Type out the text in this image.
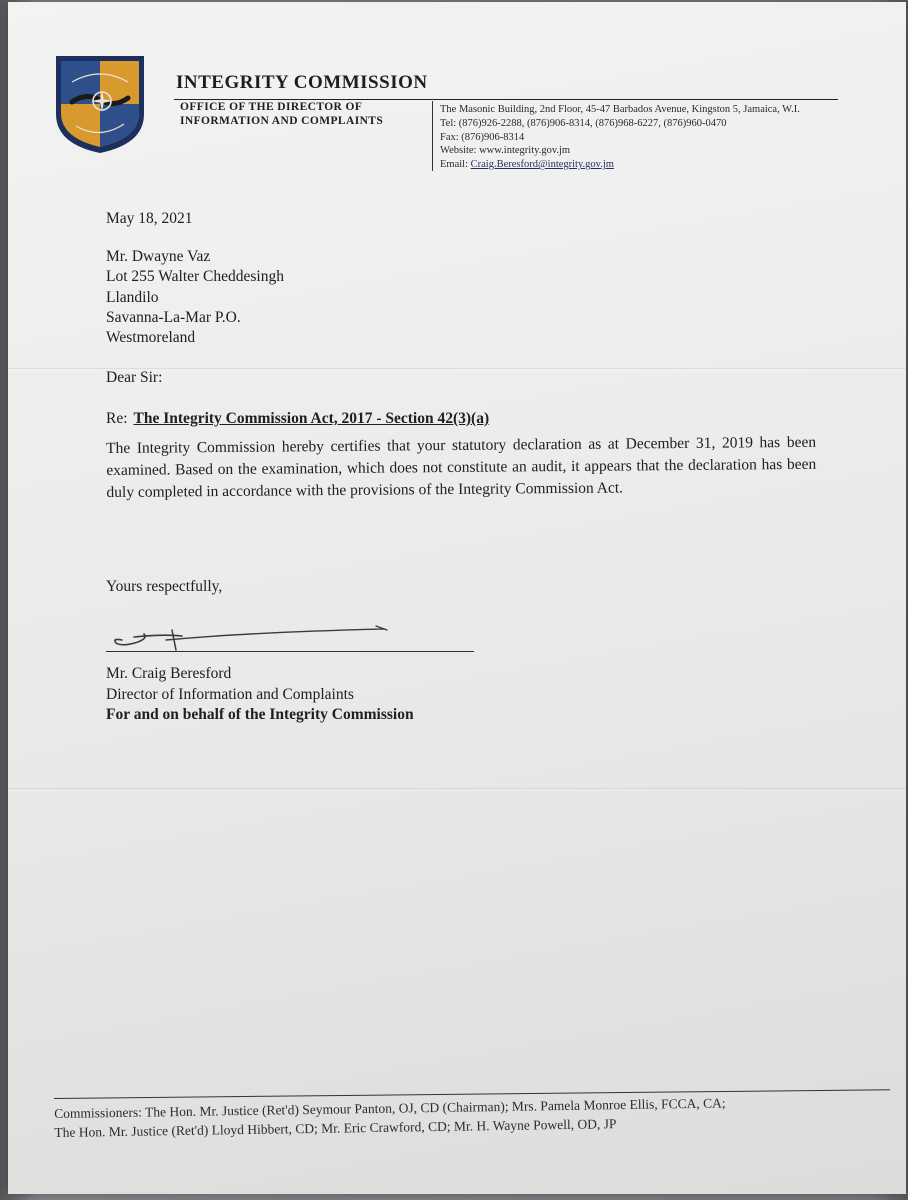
INTEGRITY COMMISSION
OFFICE OF THE DIRECTOR OF
INFORMATION AND COMPLAINTS
The Masonic Building, 2nd Floor, 45-47 Barbados Avenue, Kingston 5, Jamaica, W.I.
Tel: (876)926-2288, (876)906-8314, (876)968-6227, (876)960-0470
Fax: (876)906-8314
Website: www.integrity.gov.jm
Email: Craig.Beresford@integrity.gov.jm
May 18, 2021
Mr. Dwayne Vaz
Lot 255 Walter Cheddesingh
Llandilo
Savanna-La-Mar P.O.
Westmoreland
Dear Sir:
Re: The Integrity Commission Act, 2017 - Section 42(3)(a)
The Integrity Commission hereby certifies that your statutory declaration as at December 31, 2019 has been examined. Based on the examination, which does not constitute an audit, it appears that the declaration has been duly completed in accordance with the provisions of the Integrity Commission Act.
Yours respectfully,
Mr. Craig Beresford
Director of Information and Complaints
For and on behalf of the Integrity Commission
Commissioners: The Hon. Mr. Justice (Ret'd) Seymour Panton, OJ, CD (Chairman); Mrs. Pamela Monroe Ellis, FCCA, CA;
The Hon. Mr. Justice (Ret'd) Lloyd Hibbert, CD; Mr. Eric Crawford, CD; Mr. H. Wayne Powell, OD, JP
